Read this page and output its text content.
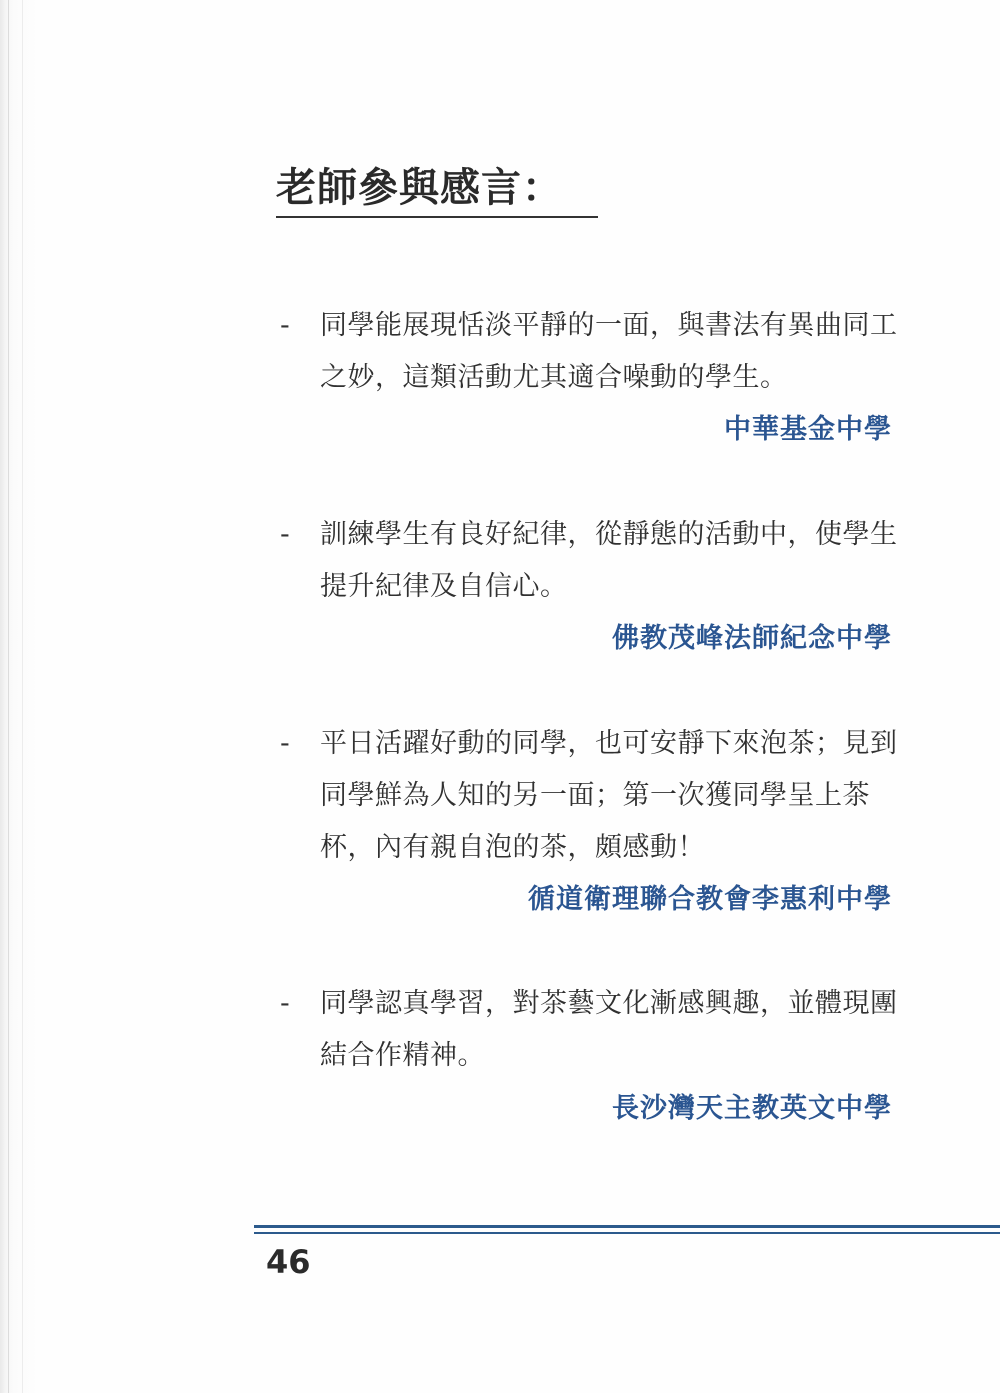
老師參與感言：
- 同學能展現恬淡平靜的一面，與書法有異曲同工之妙，這類活動尤其適合噪動的學生。
中華基金中學
- 訓練學生有良好紀律，從靜態的活動中，使學生提升紀律及自信心。
佛教茂峰法師紀念中學
- 平日活躍好動的同學，也可安靜下來泡茶；見到同學鮮為人知的另一面；第一次獲同學呈上茶杯，內有親自泡的茶，頗感動！
循道衛理聯合教會李惠利中學
- 同學認真學習，對茶藝文化漸感興趣，並體現團結合作精神。
長沙灣天主教英文中學
46
